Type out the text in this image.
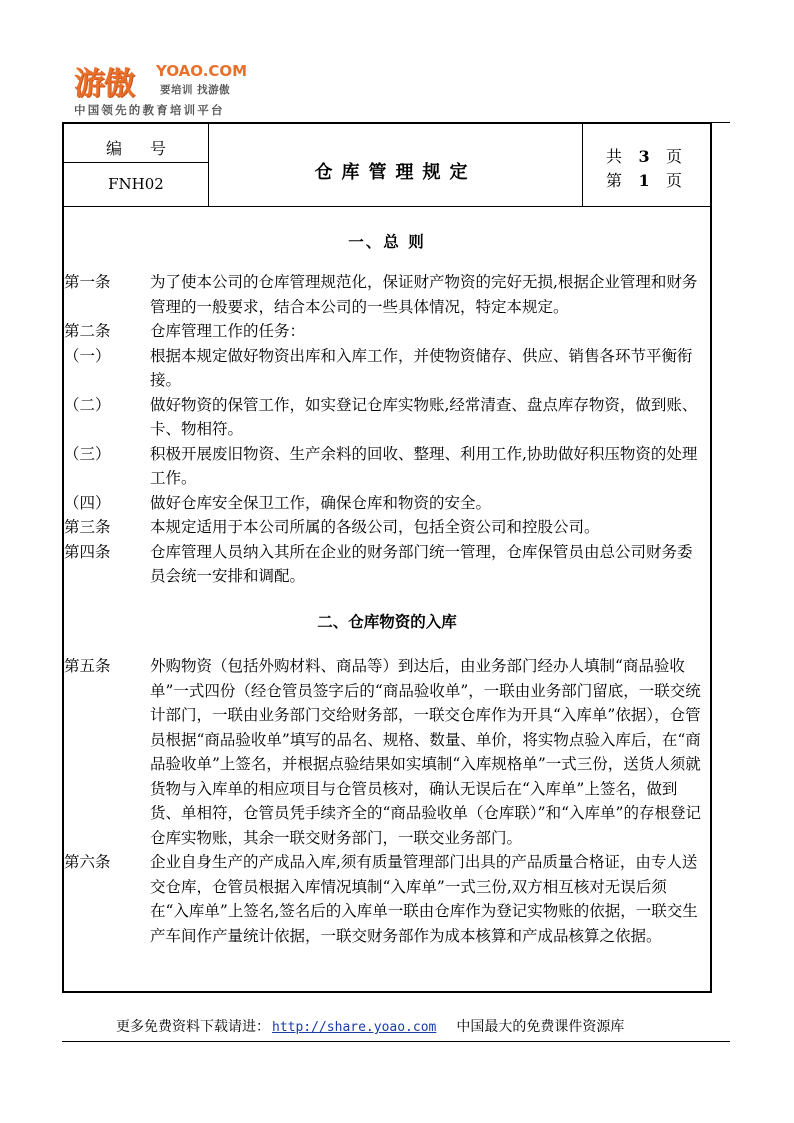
游傲 YOAO.COM
要培训 找游傲
中国领先的教育培训平台
编号
FNH02
仓库管理规定
共 3 页
第 1 页
一、总 则
第一条	为了使本公司的仓库管理规范化，保证财产物资的完好无损,根据企业管理和财务管理的一般要求，结合本公司的一些具体情况，特定本规定。
第二条	仓库管理工作的任务：
（一）	根据本规定做好物资出库和入库工作，并使物资储存、供应、销售各环节平衡衔接。
（二）	做好物资的保管工作，如实登记仓库实物账,经常清查、盘点库存物资，做到账、卡、物相符。
（三）	积极开展废旧物资、生产余料的回收、整理、利用工作,协助做好积压物资的处理工作。
（四）	做好仓库安全保卫工作，确保仓库和物资的安全。
第三条	本规定适用于本公司所属的各级公司，包括全资公司和控股公司。
第四条	仓库管理人员纳入其所在企业的财务部门统一管理，仓库保管员由总公司财务委员会统一安排和调配。
二、仓库物资的入库
第五条	外购物资（包括外购材料、商品等）到达后，由业务部门经办人填制“商品验收单”一式四份（经仓管员签字后的“商品验收单”，一联由业务部门留底，一联交统计部门，一联由业务部门交给财务部，一联交仓库作为开具“入库单”依据），仓管员根据“商品验收单”填写的品名、规格、数量、单价，将实物点验入库后，在“商品验收单”上签名，并根据点验结果如实填制“入库规格单”一式三份，送货人须就货物与入库单的相应项目与仓管员核对，确认无误后在“入库单”上签名，做到货、单相符，仓管员凭手续齐全的“商品验收单（仓库联）”和“入库单”的存根登记仓库实物账，其余一联交财务部门，一联交业务部门。
第六条	企业自身生产的产成品入库,须有质量管理部门出具的产品质量合格证，由专人送交仓库，仓管员根据入库情况填制“入库单”一式三份,双方相互核对无误后须在“入库单”上签名,签名后的入库单一联由仓库作为登记实物账的依据，一联交生产车间作产量统计依据，一联交财务部作为成本核算和产成品核算之依据。
更多免费资料下载请进： http://share.yoao.com 中国最大的免费课件资源库
